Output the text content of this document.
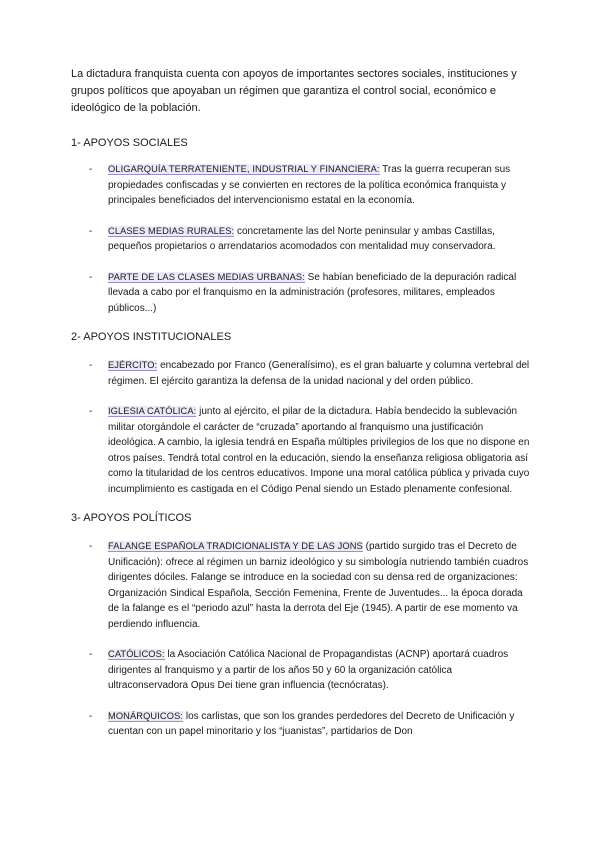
La dictadura franquista cuenta con apoyos de importantes sectores sociales, instituciones y grupos políticos que apoyaban un régimen que garantiza el control social, económico e ideológico de la población.

1- APOYOS SOCIALES

- OLIGARQUÍA TERRATENIENTE, INDUSTRIAL Y FINANCIERA: Tras la guerra recuperan sus propiedades confiscadas y se convierten en rectores de la política económica franquista y principales beneficiados del intervencionismo estatal en la economía.
- CLASES MEDIAS RURALES: concretamente las del Norte peninsular y ambas Castillas, pequeños propietarios o arrendatarios acomodados con mentalidad muy conservadora.
- PARTE DE LAS CLASES MEDIAS URBANAS: Se habían beneficiado de la depuración radical llevada a cabo por el franquismo en la administración (profesores, militares, empleados públicos...)

2- APOYOS INSTITUCIONALES

- EJÉRCITO: encabezado por Franco (Generalísimo), es el gran baluarte y columna vertebral del régimen. El ejército garantiza la defensa de la unidad nacional y del orden público.
- IGLESIA CATÓLICA: junto al ejército, el pilar de la dictadura. Había bendecido la sublevación militar otorgándole el carácter de “cruzada” aportando al franquismo una justificación ideológica. A cambio, la iglesia tendrá en España múltiples privilegios de los que no dispone en otros países. Tendrá total control en la educación, siendo la enseñanza religiosa obligatoria así como la titularidad de los centros educativos. Impone una moral católica pública y privada cuyo incumplimiento es castigada en el Código Penal siendo un Estado plenamente confesional.

3- APOYOS POLÍTICOS

- FALANGE ESPAÑOLA TRADICIONALISTA Y DE LAS JONS (partido surgido tras el Decreto de Unificación): ofrece al régimen un barniz ideológico y su simbología nutriendo también cuadros dirigentes dóciles. Falange se introduce en la sociedad con su densa red de organizaciones: Organización Sindical Española, Sección Femenina, Frente de Juventudes... la época dorada de la falange es el “periodo azul” hasta la derrota del Eje (1945). A partir de ese momento va perdiendo influencia.
- CATÓLICOS: la Asociación Católica Nacional de Propagandistas (ACNP) aportará cuadros dirigentes al franquismo y a partir de los años 50 y 60 la organización católica ultraconservadora Opus Dei tiene gran influencia (tecnócratas).
- MONÁRQUICOS: los carlistas, que son los grandes perdedores del Decreto de Unificación y cuentan con un papel minoritario y los “juanistas”, partidarios de Don
